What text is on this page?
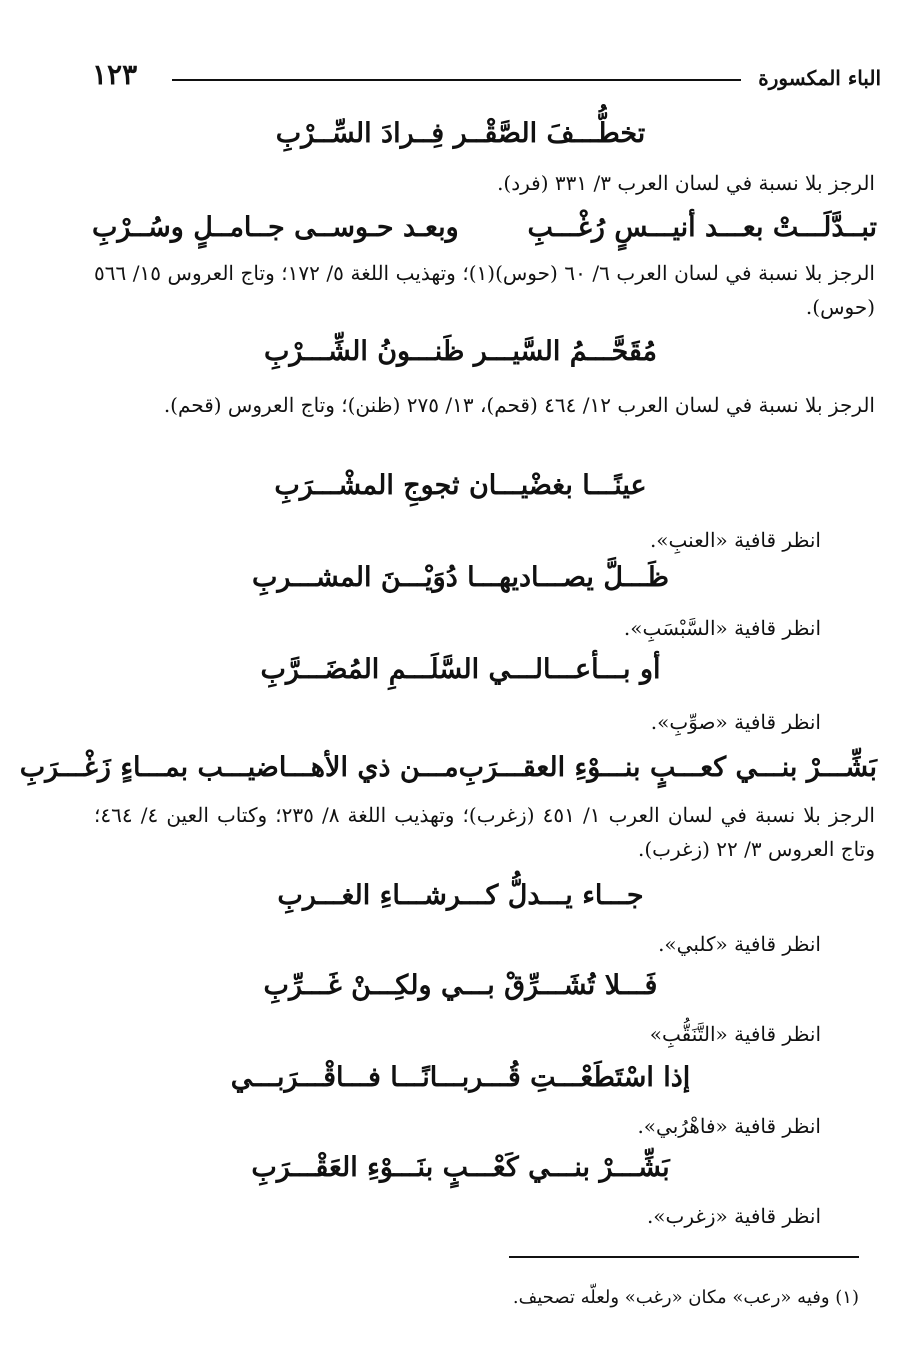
١٢٣	الباء المكسورة
تخطُّـــفَ الصَّقْــر فِــرادَ السِّــرْبِ
الرجز بلا نسبة في لسان العرب ٣/ ٣٣١ (فرد).
تبــدَّلَـــتْ بعـــد أنيـــسٍ رُغْـــبِ
وبعـد حـوســى جــامــلٍ وسُــرْبِ
الرجز بلا نسبة في لسان العرب ٦/ ٦٠ (حوس)(١)؛ وتهذيب اللغة ٥/ ١٧٢؛ وتاج العروس ١٥/ ٥٦٦ (حوس).
مُقَحَّـــمُ السَّيـــر ظَنـــونُ الشِّـــرْبِ
الرجز بلا نسبة في لسان العرب ١٢/ ٤٦٤ (قحم)، ١٣/ ٢٧٥ (ظنن)؛ وتاج العروس (قحم).
عينًـــا بغضْيـــان ثجوجِ المشْـــرَبِ
انظر قافية «العنبِ».
ظَـــلَّ يصـــاديهـــا دُوَيْـــنَ المشـــربِ
انظر قافية «السَّبْسَبِ».
أو بـــأعـــالـــي السَّلَـــمِ المُضَـــرَّبِ
انظر قافية «صوِّبِ».
بَشِّـــرْ بنـــي كعـــبٍ بنـــوْءِ العقـــرَبِ
مـــن ذي الأهـــاضيـــب بمـــاءٍ زَغْـــرَبِ
الرجز بلا نسبة في لسان العرب ١/ ٤٥١ (زغرب)؛ وتهذيب اللغة ٨/ ٢٣٥؛ وكتاب العين ٤/ ٤٦٤؛ وتاج العروس ٣/ ٢٢ (زغرب).
جـــاء يـــدلُّ كـــرشـــاءِ الغـــربِ
انظر قافية «كلبي».
فَـــلا تُشَـــرِّقْ بـــي ولكِـــنْ غَـــرِّبِ
انظر قافية «التَّنَقُّبِ»
إذا اسْتَطَعْـــتِ قُـــربـــانًـــا فـــاقْـــرَبـــي
انظر قافية «فاهْرُبي».
بَشِّـــرْ بنـــي كَعْـــبٍ بنَـــوْءِ العَقْـــرَبِ
انظر قافية «زغرب».
(١) وفيه «رعب» مكان «رغب» ولعلّه تصحيف.
